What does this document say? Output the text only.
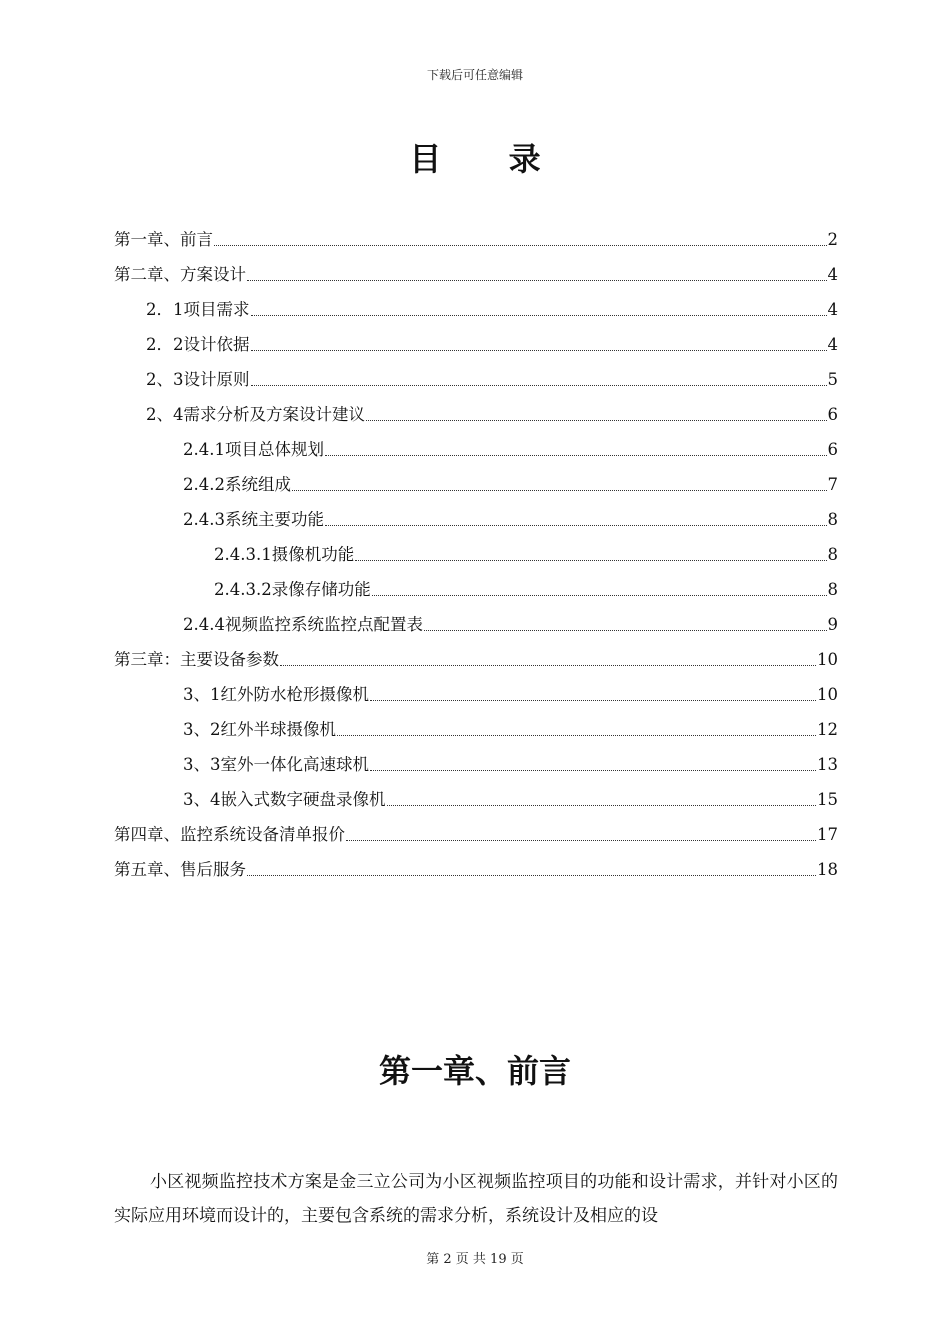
下载后可任意编辑
目 录
第一章、前言	2
第二章、方案设计	4
2．1项目需求	4
2．2设计依据	4
2、3设计原则	5
2、4需求分析及方案设计建议	6
2.4.1项目总体规划	6
2.4.2系统组成	7
2.4.3系统主要功能	8
2.4.3.1摄像机功能	8
2.4.3.2录像存储功能	8
2.4.4视频监控系统监控点配置表	9
第三章：主要设备参数	10
3、1红外防水枪形摄像机	10
3、2红外半球摄像机	12
3、3室外一体化高速球机	13
3、4嵌入式数字硬盘录像机	15
第四章、监控系统设备清单报价	17
第五章、售后服务	18
第一章、前言
小区视频监控技术方案是金三立公司为小区视频监控项目的功能和设计需求，并针对小区的实际应用环境而设计的，主要包含系统的需求分析，系统设计及相应的设
第 2 页 共 19 页
